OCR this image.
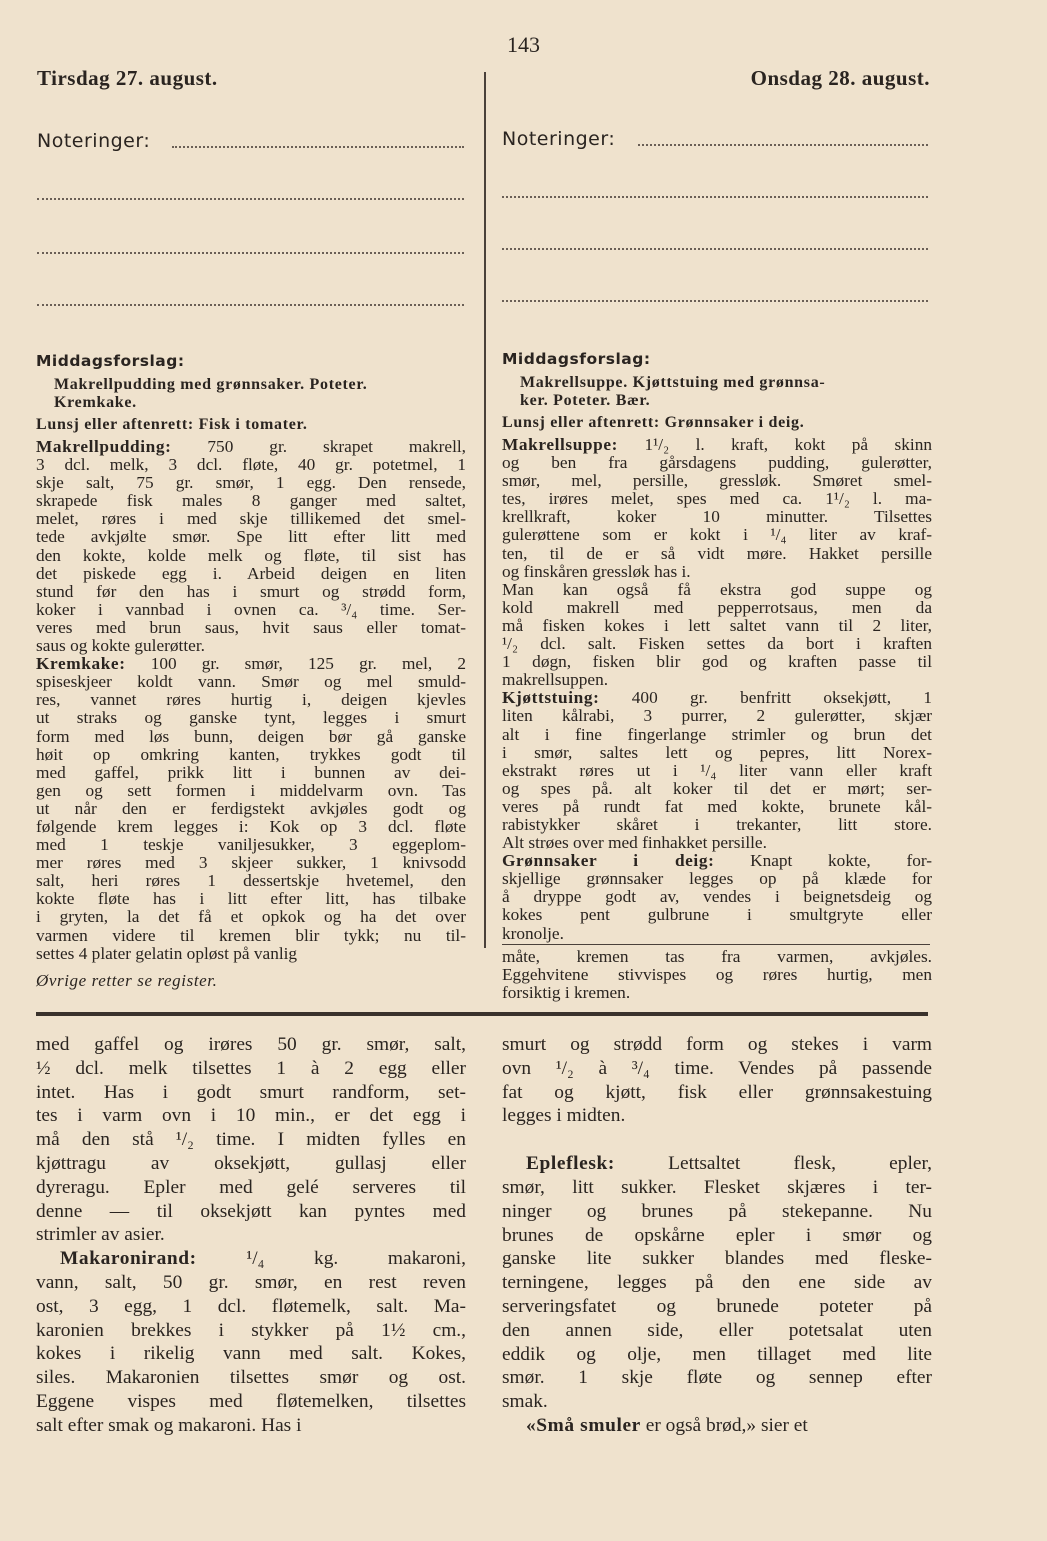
143
Tirsdag 27. august.	Onsdag 28. august.
Noteringer:	Noteringer:

Middagsforslag:

Makrellpudding med grønnsaker. Poteter.

Kremkake.

Lunsj eller aftenrett: Fisk i tomater.

Makrellpudding: 750 gr. skrapet makrell,
3 dcl. melk, 3 dcl. fløte, 40 gr. potetmel, 1
skje salt, 75 gr. smør, 1 egg. Den rensede,
skrapede fisk males 8 ganger med saltet,
melet, røres i med skje tillikemed det smel-
tede avkjølte smør. Spe litt efter litt med
den kokte, kolde melk og fløte, til sist has
det piskede egg i. Arbeid deigen en liten
stund før den has i smurt og strødd form,
koker i vannbad i ovnen ca. ³/₄ time. Ser-
veres med brun saus, hvit saus eller tomat-
saus og kokte gulerøtter.
Kremkake: 100 gr. smør, 125 gr. mel, 2
spiseskjeer koldt vann. Smør og mel smuld-
res, vannet røres hurtig i, deigen kjevles
ut straks og ganske tynt, legges i smurt
form med løs bunn, deigen bør gå ganske
høit op omkring kanten, trykkes godt til
med gaffel, prikk litt i bunnen av dei-
gen og sett formen i middelvarm ovn. Tas
ut når den er ferdigstekt avkjøles godt og
følgende krem legges i: Kok op 3 dcl. fløte
med 1 teskje vaniljesukker, 3 eggeplom-
mer røres med 3 skjeer sukker, 1 knivsodd
salt, heri røres 1 dessertskje hvetemel, den
kokte fløte has i litt efter litt, has tilbake
i gryten, la det få et opkok og ha det over
varmen videre til kremen blir tykk; nu til-
settes 4 plater gelatin opløst på vanlig

Øvrige retter se register.

Middagsforslag:

Makrellsuppe. Kjøttstuing med grønnsa-

ker. Poteter. Bær.

Lunsj eller aftenrett: Grønnsaker i deig.

Makrellsuppe: 1¹/₂ l. kraft, kokt på skinn
og ben fra gårsdagens pudding, gulerøtter,
smør, mel, persille, gressløk. Smøret smel-
tes, irøres melet, spes med ca. 1¹/₂ l. ma-
krellkraft, koker 10 minutter. Tilsettes
gulerøttene som er kokt i ¹/₄ liter av kraf-
ten, til de er så vidt møre. Hakket persille
og finskåren gressløk has i.
Man kan også få ekstra god suppe og
kold makrell med pepperrotsaus, men da
må fisken kokes i lett saltet vann til 2 liter,
¹/₂ dcl. salt. Fisken settes da bort i kraften
1 døgn, fisken blir god og kraften passe til
makrellsuppen.
Kjøttstuing: 400 gr. benfritt oksekjøtt, 1
liten kålrabi, 3 purrer, 2 gulerøtter, skjær
alt i fine fingerlange strimler og brun det
i smør, saltes lett og pepres, litt Norex-
ekstrakt røres ut i ¹/₄ liter vann eller kraft
og spes på. alt koker til det er mørt; ser-
veres på rundt fat med kokte, brunete kål-
rabistykker skåret i trekanter, litt store.
Alt strøes over med finhakket persille.
Grønnsaker i deig: Knapt kokte, for-
skjellige grønnsaker legges op på klæde for
å dryppe godt av, vendes i beignetsdeig og
kokes pent gulbrune i smultgryte eller
kronolje.
måte, kremen tas fra varmen, avkjøles.
Eggehvitene stivvispes og røres hurtig, men
forsiktig i kremen.
med gaffel og irøres 50 gr. smør, salt,
½ dcl. melk tilsettes 1 à 2 egg eller
intet. Has i godt smurt randform, set-
tes i varm ovn i 10 min., er det egg i
må den stå ¹/₂ time. I midten fylles en
kjøttragu av oksekjøtt, gullasj eller
dyreragu. Epler med gelé serveres til
denne — til oksekjøtt kan pyntes med
strimler av asier.
Makaronirand: ¹/₄ kg. makaroni,
vann, salt, 50 gr. smør, en rest reven
ost, 3 egg, 1 dcl. fløtemelk, salt. Ma-
karonien brekkes i stykker på 1½ cm.,
kokes i rikelig vann med salt. Kokes,
siles. Makaronien tilsettes smør og ost.
Eggene vispes med fløtemelken, tilsettes
salt efter smak og makaroni. Has i
smurt og strødd form og stekes i varm
ovn ¹/₂ à ³/₄ time. Vendes på passende
fat og kjøtt, fisk eller grønnsakestuing
legges i midten.
Epleflesk: Lettsaltet flesk, epler,
smør, litt sukker. Flesket skjæres i ter-
ninger og brunes på stekepanne. Nu
brunes de opskårne epler i smør og
ganske lite sukker blandes med fleske-
terningene, legges på den ene side av
serveringsfatet og brunede poteter på
den annen side, eller potetsalat uten
eddik og olje, men tillaget med lite
smør. 1 skje fløte og sennep efter
smak.
«Små smuler er også brød,» sier et
